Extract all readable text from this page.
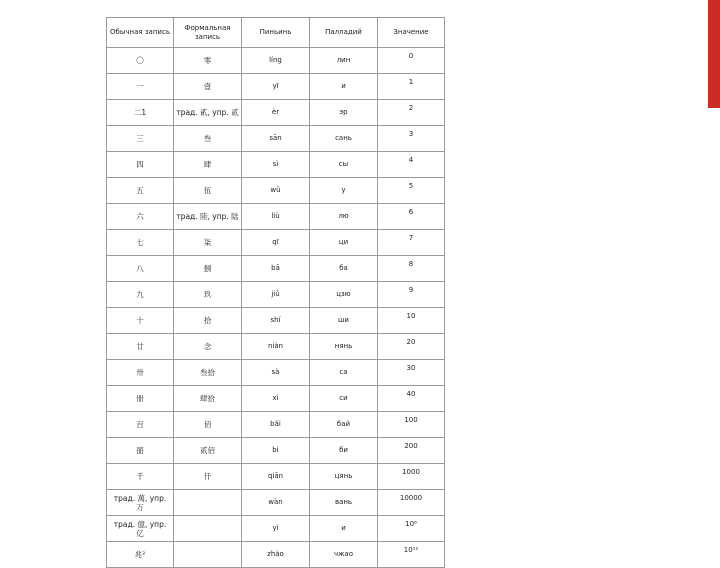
Обычная запись	Формальная запись	Пиньинь	Палладий	Значение
〇	零	líng	лин	0
一	壹	yī	и	1
二1	трад. 貳, упр. 贰	èr	эр	2
三	叁	sān	сань	3
四	肆	sì	сы	4
五	伍	wǔ	у	5
六	трад. 陸, упр. 陆	liù	лю	6
七	柒	qī	ци	7
八	捌	bā	ба	8
九	玖	jiǔ	цзю	9
十	拾	shí	ши	10
廿	念	niàn	нянь	20
卅	叁拾	sà	са	30
卌	肆拾	xì	си	40
百	佰	bǎi	бай	100
皕	贰佰	bì	би	200
千	仟	qiān	цянь	1000
трад. 萬, упр. 万		wàn	вань	10000
трад. 億, упр. 亿		yì	и	10⁸
兆²		zhào	чжао	10¹²
